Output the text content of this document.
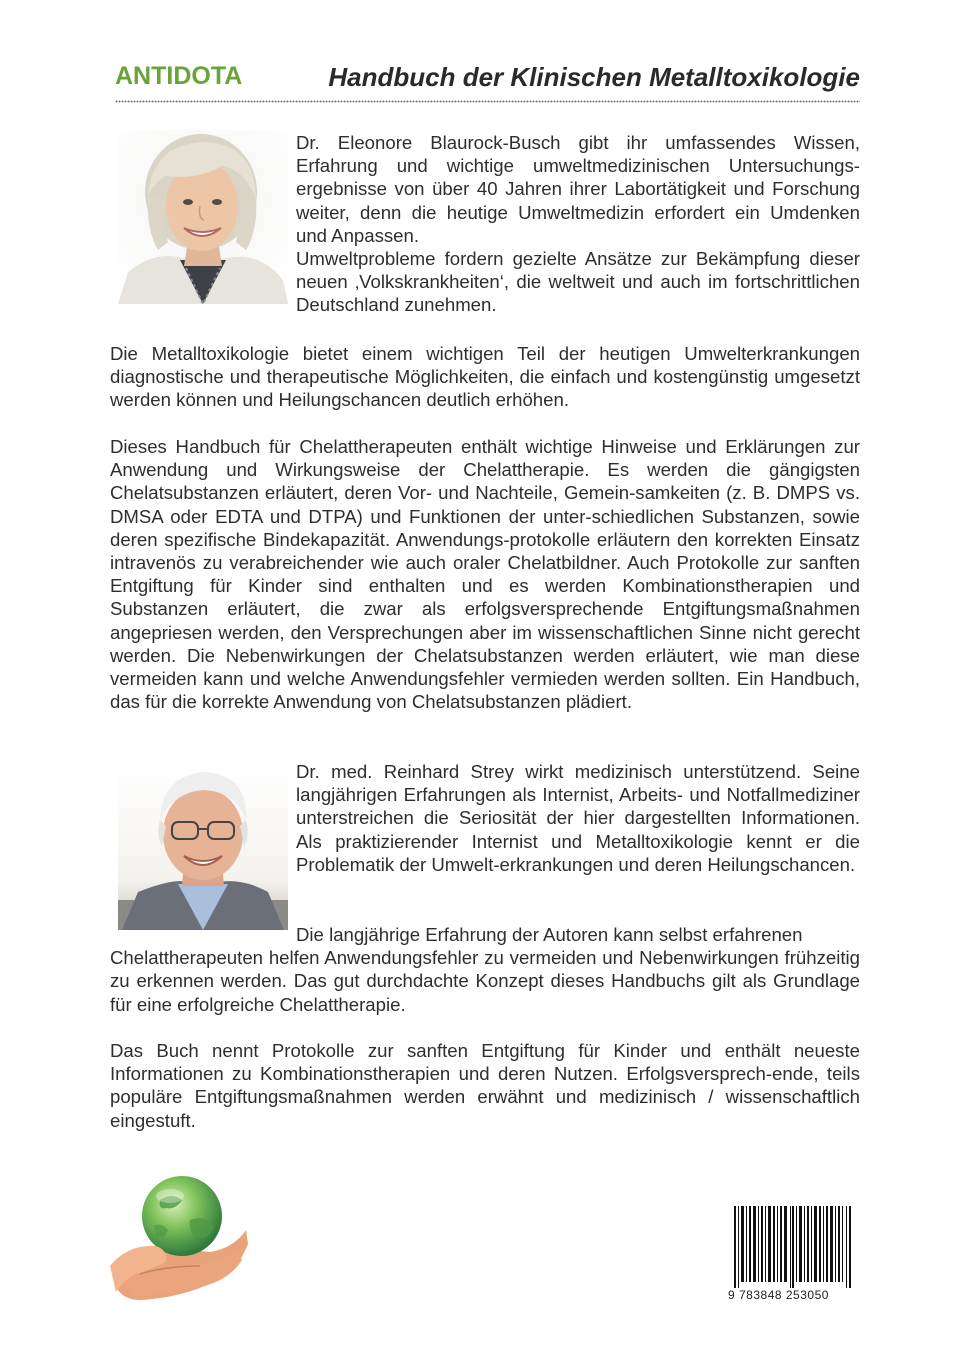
ANTIDOTA	Handbuch der Klinischen Metalltoxikologie
Dr. Eleonore Blaurock-Busch gibt ihr umfassendes Wissen, Erfahrung und wichtige umweltmedizinischen Untersuchungs-ergebnisse von über 40 Jahren ihrer Labortätigkeit und Forschung weiter, denn die heutige Umweltmedizin erfordert ein Umdenken und Anpassen.
Umweltprobleme fordern gezielte Ansätze zur Bekämpfung dieser neuen ‚Volkskrankheiten‘, die weltweit und auch im fortschrittlichen Deutschland zunehmen.
Die Metalltoxikologie bietet einem wichtigen Teil der heutigen Umwelterkrankungen diagnostische und therapeutische Möglichkeiten, die einfach und kostengünstig umgesetzt werden können und Heilungschancen deutlich erhöhen.
Dieses Handbuch für Chelattherapeuten enthält wichtige Hinweise und Erklärungen zur Anwendung und Wirkungsweise der Chelattherapie. Es werden die gängigsten Chelatsubstanzen erläutert, deren Vor- und Nachteile, Gemein-samkeiten (z. B. DMPS vs. DMSA oder EDTA und DTPA) und Funktionen der unter-schiedlichen Substanzen, sowie deren spezifische Bindekapazität. Anwendungs-protokolle erläutern den korrekten Einsatz intravenös zu verabreichender wie auch oraler Chelatbildner. Auch Protokolle zur sanften Entgiftung für Kinder sind enthalten und es werden Kombinationstherapien und Substanzen erläutert, die zwar als erfolgsversprechende Entgiftungsmaßnahmen angepriesen werden, den Versprechungen aber im wissenschaftlichen Sinne nicht gerecht werden. Die Nebenwirkungen der Chelatsubstanzen werden erläutert, wie man diese vermeiden kann und welche Anwendungsfehler vermieden werden sollten. Ein Handbuch, das für die korrekte Anwendung von Chelatsubstanzen plädiert.
Dr. med. Reinhard Strey wirkt medizinisch unterstützend. Seine langjährigen Erfahrungen als Internist, Arbeits- und Notfallmediziner unterstreichen die Seriosität der hier dargestellten Informationen. Als praktizierender Internist und Metalltoxikologie kennt er die Problematik der Umwelt-erkrankungen und deren Heilungschancen.
Die langjährige Erfahrung der Autoren kann selbst erfahrenen
Chelattherapeuten helfen Anwendungsfehler zu vermeiden und Nebenwirkungen frühzeitig zu erkennen werden. Das gut durchdachte Konzept dieses Handbuchs gilt als Grundlage für eine erfolgreiche Chelattherapie.
Das Buch nennt Protokolle zur sanften Entgiftung für Kinder und enthält neueste Informationen zu Kombinationstherapien und deren Nutzen. Erfolgsversprech-ende, teils populäre Entgiftungsmaßnahmen werden erwähnt und medizinisch / wissenschaftlich eingestuft.
9 783848 253050
